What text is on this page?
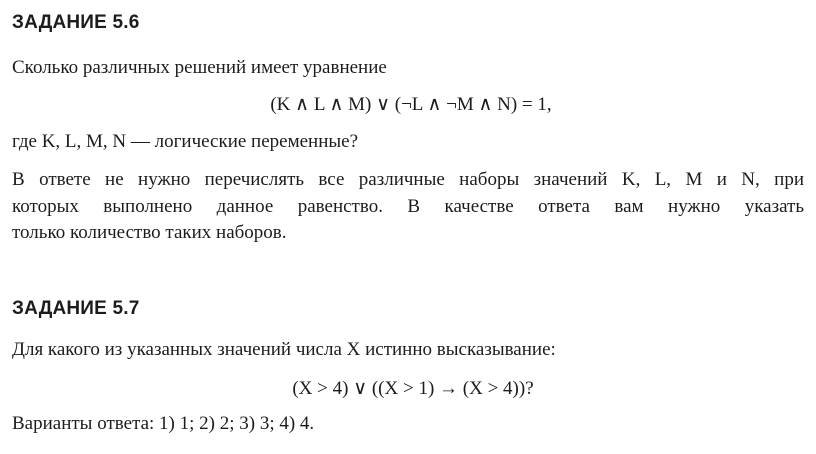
ЗАДАНИЕ 5.6
Сколько различных решений имеет уравнение
(K ∧ L ∧ M) ∨ (¬L ∧ ¬M ∧ N) = 1,
где K, L, M, N — логические переменные?
В ответе не нужно перечислять все различные наборы значений K, L, M и N, при
которых выполнено данное равенство. В качестве ответа вам нужно указать
только количество таких наборов.
ЗАДАНИЕ 5.7
Для какого из указанных значений числа X истинно высказывание:
(X > 4) ∨ ((X > 1) → (X > 4))?
Варианты ответа: 1) 1; 2) 2; 3) 3; 4) 4.
